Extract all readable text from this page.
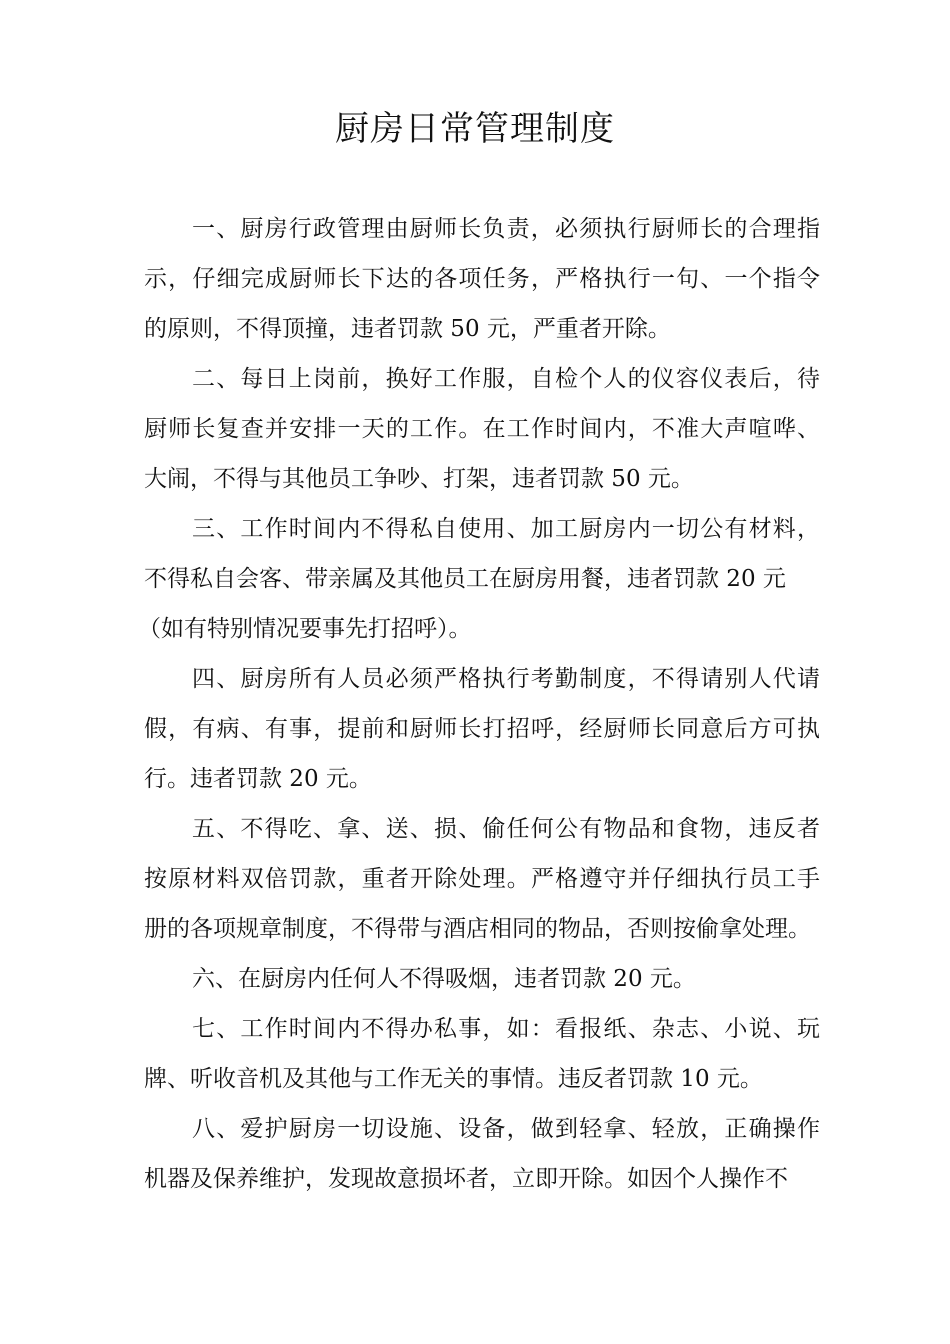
厨房日常管理制度

一、厨房行政管理由厨师长负责，必须执行厨师长的合理指

示，仔细完成厨师长下达的各项任务，严格执行一句、一个指令

的原则，不得顶撞，违者罚款 50 元，严重者开除。

二、每日上岗前，换好工作服，自检个人的仪容仪表后，待

厨师长复查并安排一天的工作。在工作时间内，不准大声喧哗、

大闹，不得与其他员工争吵、打架，违者罚款 50 元。

三、工作时间内不得私自使用、加工厨房内一切公有材料，

不得私自会客、带亲属及其他员工在厨房用餐，违者罚款 20 元

（如有特别情况要事先打招呼）。

四、厨房所有人员必须严格执行考勤制度，不得请别人代请

假，有病、有事，提前和厨师长打招呼，经厨师长同意后方可执

行。违者罚款 20 元。

五、不得吃、拿、送、损、偷任何公有物品和食物，违反者

按原材料双倍罚款，重者开除处理。严格遵守并仔细执行员工手

册的各项规章制度，不得带与酒店相同的物品，否则按偷拿处理。

六、在厨房内任何人不得吸烟，违者罚款 20 元。

七、工作时间内不得办私事，如：看报纸、杂志、小说、玩

牌、听收音机及其他与工作无关的事情。违反者罚款 10 元。

八、爱护厨房一切设施、设备，做到轻拿、轻放，正确操作

机器及保养维护，发现故意损坏者，立即开除。如因个人操作不
